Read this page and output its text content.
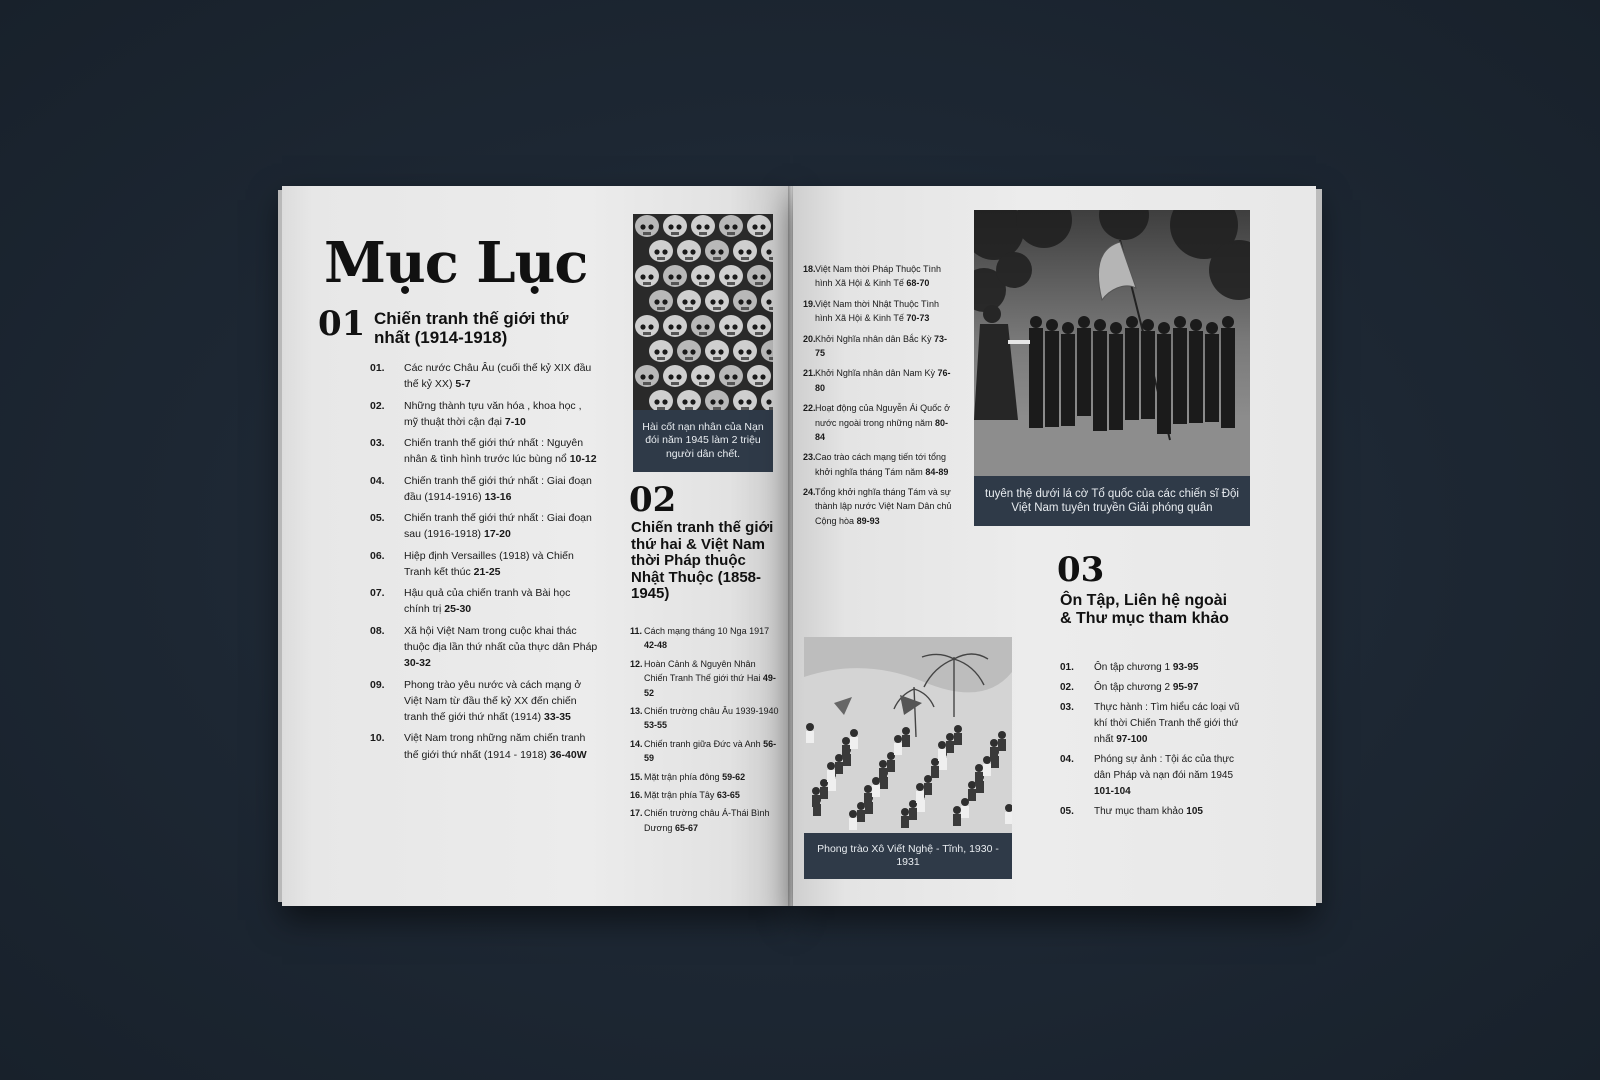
Mục Lục
01 Chiến tranh thế giới thứ nhất (1914-1918)
01. Các nước Châu Âu (cuối thế kỷ XIX đầu thế kỷ XX) 5-7
02. Những thành tựu văn hóa , khoa học , mỹ thuật thời cận đại 7-10
03. Chiến tranh thế giới thứ nhất : Nguyên nhân & tình hình trước lúc bùng nổ 10-12
04. Chiến tranh thế giới thứ nhất : Giai đoạn đầu (1914-1916) 13-16
05. Chiến tranh thế giới thứ nhất : Giai đoạn sau (1916-1918) 17-20
06. Hiệp định Versailles (1918) và Chiến Tranh kết thúc 21-25
07. Hậu quả của chiến tranh và Bài học chính trị 25-30
08. Xã hội Việt Nam trong cuộc khai thác thuộc địa lần thứ nhất của thực dân Pháp 30-32
09. Phong trào yêu nước và cách mạng ở Việt Nam từ đầu thế kỷ XX đến chiến tranh thế giới thứ nhất (1914) 33-35
10. Việt Nam trong những năm chiến tranh thế giới thứ nhất (1914 - 1918) 36-40W
Hài cốt nạn nhân của Nạn đói năm 1945 làm 2 triệu người dân chết.
02
Chiến tranh thế giới thứ hai & Việt Nam thời Pháp thuộc Nhật Thuộc (1858-1945)
11. Cách mạng tháng 10 Nga 1917 42-48
12. Hoàn Cảnh & Nguyên Nhân Chiến Tranh Thế giới thứ Hai 49-52
13. Chiến trường châu Âu 1939-1940 53-55
14. Chiến tranh giữa Đức và Anh 56-59
15. Mặt trận phía đông 59-62
16. Mặt trận phía Tây 63-65
17. Chiến trường châu Á-Thái Bình Dương 65-67
18. Việt Nam thời Pháp Thuộc Tình hình Xã Hội & Kinh Tế 68-70
19. Việt Nam thời Nhật Thuộc Tình hình Xã Hội & Kinh Tế 70-73
20. Khởi Nghĩa nhân dân Bắc Kỳ 73-75
21. Khởi Nghĩa nhân dân Nam Kỳ 76-80
22. Hoạt động của Nguyễn Ái Quốc ở nước ngoài trong những năm 80-84
23. Cao trào cách mạng tiến tới tổng khởi nghĩa tháng Tám năm 84-89
24. Tổng khởi nghĩa tháng Tám và sự thành lập nước Việt Nam Dân chủ Cộng hòa 89-93
tuyên thệ dưới lá cờ Tổ quốc của các chiến sĩ Đội Việt Nam tuyên truyền Giải phóng quân
Phong trào Xô Viết Nghệ - Tĩnh, 1930 - 1931
03
Ôn Tập, Liên hệ ngoài & Thư mục tham khảo
01. Ôn tập chương 1 93-95
02. Ôn tập chương 2 95-97
03. Thực hành : Tìm hiểu các loại vũ khí thời Chiến Tranh thế giới thứ nhất 97-100
04. Phóng sự ảnh : Tội ác của thực dân Pháp và nạn đói năm 1945 101-104
05. Thư mục tham khảo 105
